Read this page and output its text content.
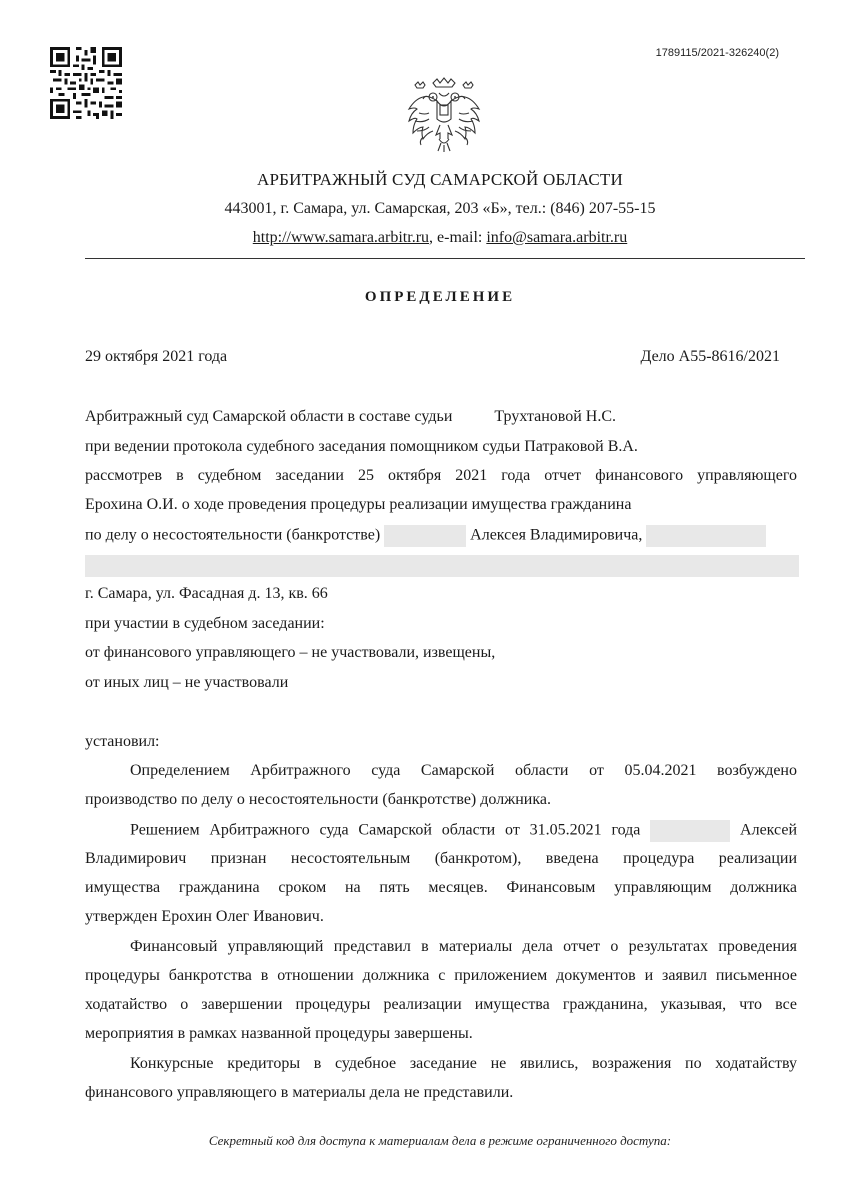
1789115/2021-326240(2)
АРБИТРАЖНЫЙ СУД САМАРСКОЙ ОБЛАСТИ
443001, г. Самара, ул. Самарская, 203 «Б», тел.: (846) 207-55-15
http://www.samara.arbitr.ru, e-mail: info@samara.arbitr.ru
ОПРЕДЕЛЕНИЕ
29 октября 2021 года	Дело А55-8616/2021
Арбитражный суд Самарской области в составе судьи	Трухтановой Н.С.
при ведении протокола судебного заседания помощником судьи Патраковой В.А.
рассмотрев в судебном заседании 25 октября 2021 года отчет финансового управляющего
Ерохина О.И. о ходе проведения процедуры реализации имущества гражданина
по делу о несостоятельности (банкротстве)	Алексея Владимировича,
г. Самара, ул. Фасадная д. 13, кв. 66
при участии в судебном заседании:
от финансового управляющего – не участвовали, извещены,
от иных лиц – не участвовали
установил:
Определением Арбитражного суда Самарской области от 05.04.2021 возбуждено
производство по делу о несостоятельности (банкротстве) должника.
Решением Арбитражного суда Самарской области от 31.05.2021 года	Алексей
Владимирович признан несостоятельным (банкротом), введена процедура реализации
имущества гражданина сроком на пять месяцев. Финансовым управляющим должника
утвержден Ерохин Олег Иванович.
Финансовый управляющий представил в материалы дела отчет о результатах проведения
процедуры банкротства в отношении должника с приложением документов и заявил письменное
ходатайство о завершении процедуры реализации имущества гражданина, указывая, что все
мероприятия в рамках названной процедуры завершены.
Конкурсные кредиторы в судебное заседание не явились, возражения по ходатайству
финансового управляющего в материалы дела не представили.
Секретный код для доступа к материалам дела в режиме ограниченного доступа:
